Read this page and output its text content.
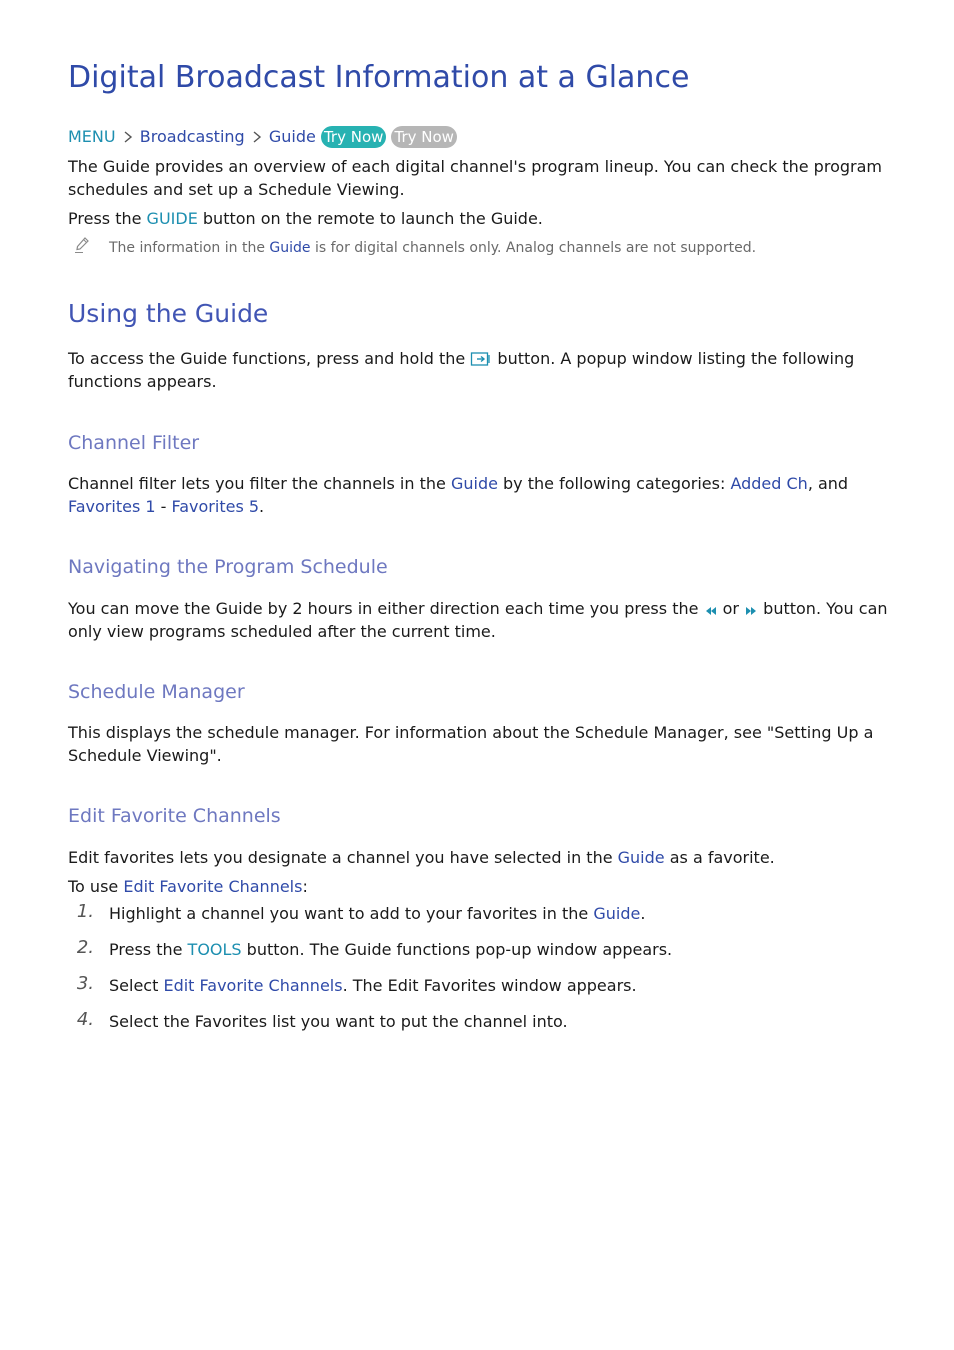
Digital Broadcast Information at a Glance
MENU Broadcasting Guide Try Now Try Now
The Guide provides an overview of each digital channel's program lineup. You can check the program schedules and set up a Schedule Viewing.
Press the GUIDE button on the remote to launch the Guide.
The information in the Guide is for digital channels only. Analog channels are not supported.
Using the Guide
To access the Guide functions, press and hold the  button. A popup window listing the following functions appears.
Channel Filter
Channel filter lets you filter the channels in the Guide by the following categories: Added Ch, and Favorites 1 - Favorites 5.
Navigating the Program Schedule
You can move the Guide by 2 hours in either direction each time you press the  or  button. You can only view programs scheduled after the current time.
Schedule Manager
This displays the schedule manager. For information about the Schedule Manager, see "Setting Up a Schedule Viewing".
Edit Favorite Channels
Edit favorites lets you designate a channel you have selected in the Guide as a favorite.
To use Edit Favorite Channels:
1. Highlight a channel you want to add to your favorites in the Guide.
2. Press the TOOLS button. The Guide functions pop-up window appears.
3. Select Edit Favorite Channels. The Edit Favorites window appears.
4. Select the Favorites list you want to put the channel into.
